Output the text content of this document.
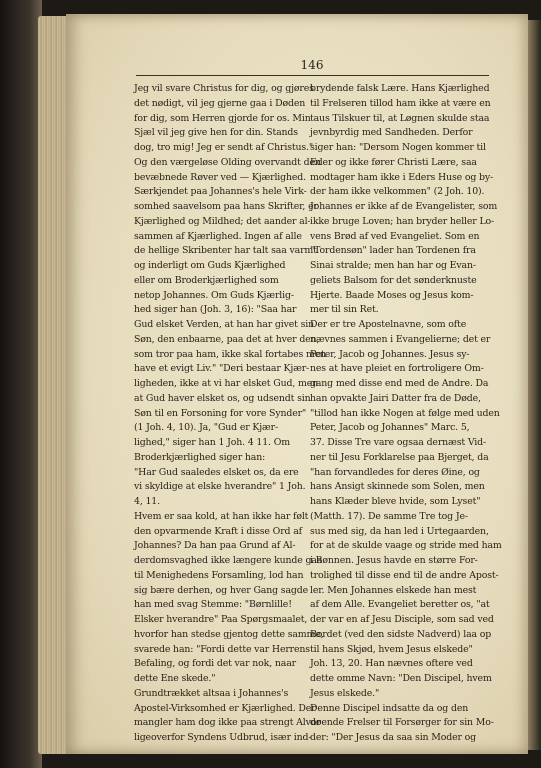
146
Jeg vil svare Christus for dig, og gjøres
det nødigt, vil jeg gjerne gaa i Døden
for dig, som Herren gjorde for os. Min
Sjæl vil jeg give hen for din. Stands
dog, tro mig! Jeg er sendt af Christus."
Og den værgeløse Olding overvandt den
bevæbnede Røver ved — Kjærlighed.
Særkjendet paa Johannes's hele Virk-
somhed saavelsom paa hans Skrifter, er
Kjærlighed og Mildhed; det aander al-
sammen af Kjærlighed. Ingen af alle
de hellige Skribenter har talt saa varmt
og inderligt om Guds Kjærlighed
eller om Broderkjærlighed som
netop Johannes. Om Guds Kjærlig-
hed siger han (Joh. 3, 16): "Saa har
Gud elsket Verden, at han har givet sin
Søn, den enbaarne, paa det at hver den,
som tror paa ham, ikke skal fortabes men
have et evigt Liv." "Deri bestaar Kjær-
ligheden, ikke at vi har elsket Gud, men
at Gud haver elsket os, og udsendt sin
Søn til en Forsoning for vore Synder"
(1 Joh. 4, 10). Ja, "Gud er Kjær-
lighed," siger han 1 Joh. 4 11. Om
Broderkjærlighed siger han:
"Har Gud saaledes elsket os, da ere
vi skyldige at elske hverandre" 1 Joh.
4, 11.
Hvem er saa kold, at han ikke har følt
den opvarmende Kraft i disse Ord af
Johannes? Da han paa Grund af Al-
derdomsvaghed ikke længere kunde gaa
til Menighedens Forsamling, lod han
sig bære derhen, og hver Gang sagde
han med svag Stemme: "Børnlille!
Elsker hverandre" Paa Spørgsmaalet,
hvorfor han stedse gjentog dette samme,
svarede han: "Fordi dette var Herrens
Befaling, og fordi det var nok, naar
dette Ene skede."
Grundtrækket altsaa i Johannes's
Apostel-Virksomhed er Kjærlighed. Der
mangler ham dog ikke paa strengt Alvor
ligeoverfor Syndens Udbrud, især ind-
brydende falsk Lære. Hans Kjærlighed
til Frelseren tillod ham ikke at være en
taus Tilskuer til, at Løgnen skulde staa
jevnbyrdig med Sandheden. Derfor
siger han: "Dersom Nogen kommer til
Eder og ikke fører Christi Lære, saa
modtager ham ikke i Eders Huse og by-
der ham ikke velkommen" (2 Joh. 10).
Johannes er ikke af de Evangelister, som
ikke bruge Loven; han bryder heller Lo-
vens Brød af ved Evangeliet. Som en
"Tordensøn" lader han Tordenen fra
Sinai stralde; men han har og Evan-
geliets Balsom for det sønderknuste
Hjerte. Baade Moses og Jesus kom-
mer til sin Ret.
Der er tre Apostelnavne, som ofte
nævnes sammen i Evangelierne; det er
Peter, Jacob og Johannes. Jesus sy-
nes at have pleiet en fortroligere Om-
gang med disse end med de Andre. Da
han opvakte Jairi Datter fra de Døde,
"tillod han ikke Nogen at følge med uden
Peter, Jacob og Johannes" Marc. 5,
37. Disse Tre vare ogsaa dernæst Vid-
ner til Jesu Forklarelse paa Bjerget, da
"han forvandledes for deres Øine, og
hans Ansigt skinnede som Solen, men
hans Klæder bleve hvide, som Lyset"
(Matth. 17). De samme Tre tog Je-
sus med sig, da han led i Urtegaarden,
for at de skulde vaage og stride med ham
i Bønnen. Jesus havde en større For-
trolighed til disse end til de andre Apost-
ler. Men Johannes elskede han mest
af dem Alle. Evangeliet beretter os, "at
der var en af Jesu Disciple, som sad ved
Bordet (ved den sidste Nadverd) laa op
til hans Skjød, hvem Jesus elskede"
Joh. 13, 20. Han nævnes oftere ved
dette omme Navn: "Den Discipel, hvem
Jesus elskede."
Denne Discipel indsatte da og den
døende Frelser til Forsørger for sin Mo-
der: "Der Jesus da saa sin Moder og
